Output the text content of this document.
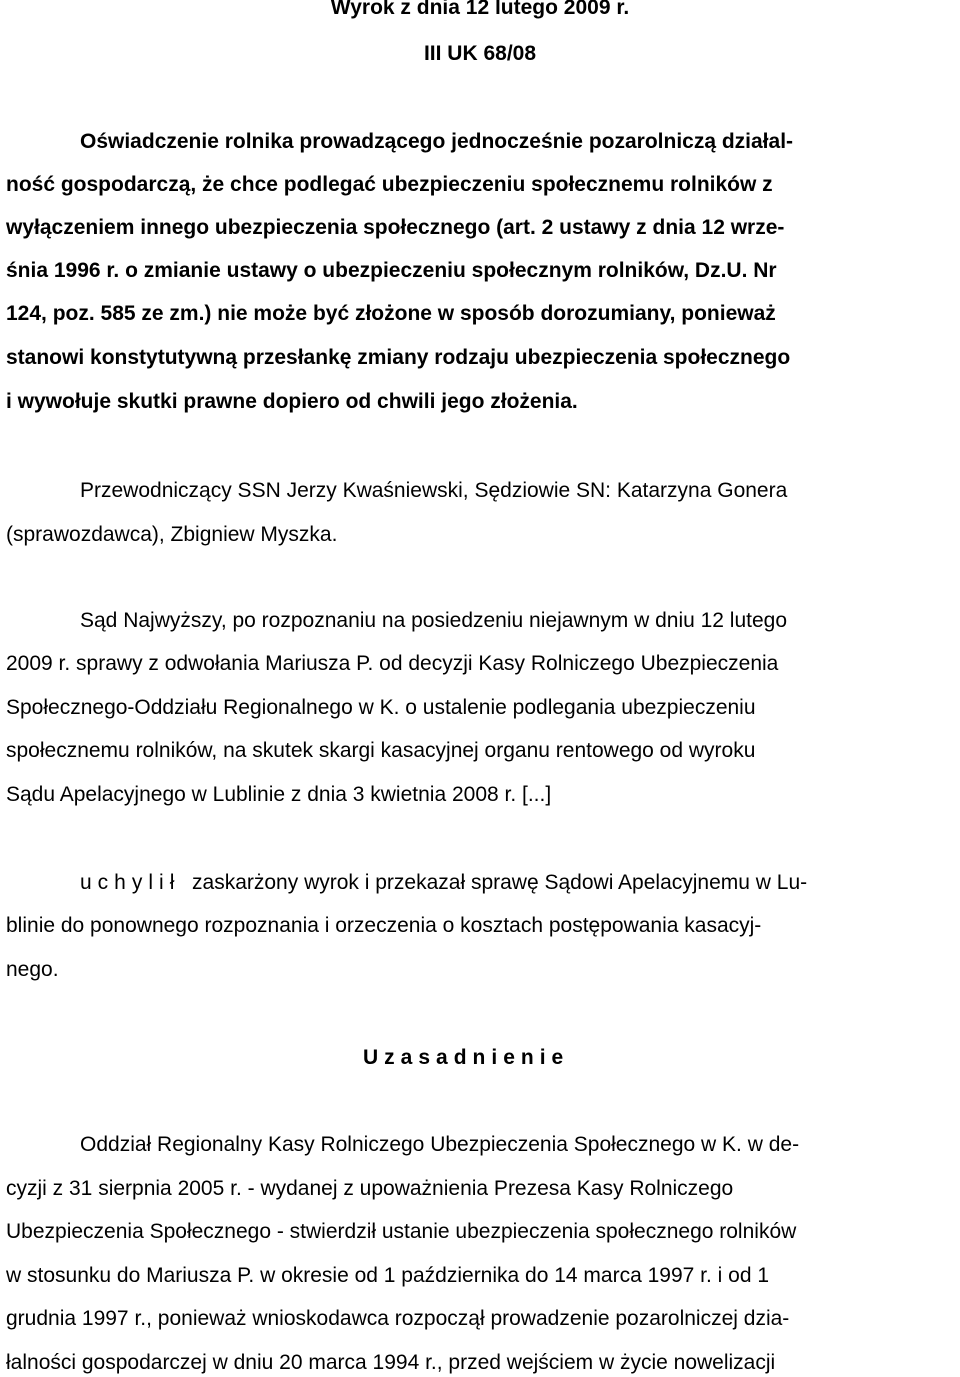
Wyrok z dnia 12 lutego 2009 r.
III UK 68/08
Oświadczenie rolnika prowadzącego jednocześnie pozarolniczą działal-
ność gospodarczą, że chce podlegać ubezpieczeniu społecznemu rolników z
wyłączeniem innego ubezpieczenia społecznego (art. 2 ustawy z dnia 12 wrze-
śnia 1996 r. o zmianie ustawy o ubezpieczeniu społecznym rolników, Dz.U. Nr
124, poz. 585 ze zm.) nie może być złożone w sposób dorozumiany, ponieważ
stanowi konstytutywną przesłankę zmiany rodzaju ubezpieczenia społecznego
i wywołuje skutki prawne dopiero od chwili jego złożenia.
Przewodniczący SSN Jerzy Kwaśniewski, Sędziowie SN: Katarzyna Gonera
(sprawozdawca), Zbigniew Myszka.
Sąd Najwyższy, po rozpoznaniu na posiedzeniu niejawnym w dniu 12 lutego
2009 r. sprawy z odwołania Mariusza P. od decyzji Kasy Rolniczego Ubezpieczenia
Społecznego-Oddziału Regionalnego w K. o ustalenie podlegania ubezpieczeniu
społecznemu rolników, na skutek skargi kasacyjnej organu rentowego od wyroku
Sądu Apelacyjnego w Lublinie z dnia 3 kwietnia 2008 r. [...]
uchylił zaskarżony wyrok i przekazał sprawę Sądowi Apelacyjnemu w Lu-
blinie do ponownego rozpoznania i orzeczenia o kosztach postępowania kasacyj-
nego.
Uzasadnienie
Oddział Regionalny Kasy Rolniczego Ubezpieczenia Społecznego w K. w de-
cyzji z 31 sierpnia 2005 r. - wydanej z upoważnienia Prezesa Kasy Rolniczego
Ubezpieczenia Społecznego - stwierdził ustanie ubezpieczenia społecznego rolników
w stosunku do Mariusza P. w okresie od 1 października do 14 marca 1997 r. i od 1
grudnia 1997 r., ponieważ wnioskodawca rozpoczął prowadzenie pozarolniczej dzia-
łalności gospodarczej w dniu 20 marca 1994 r., przed wejściem w życie nowelizacji
